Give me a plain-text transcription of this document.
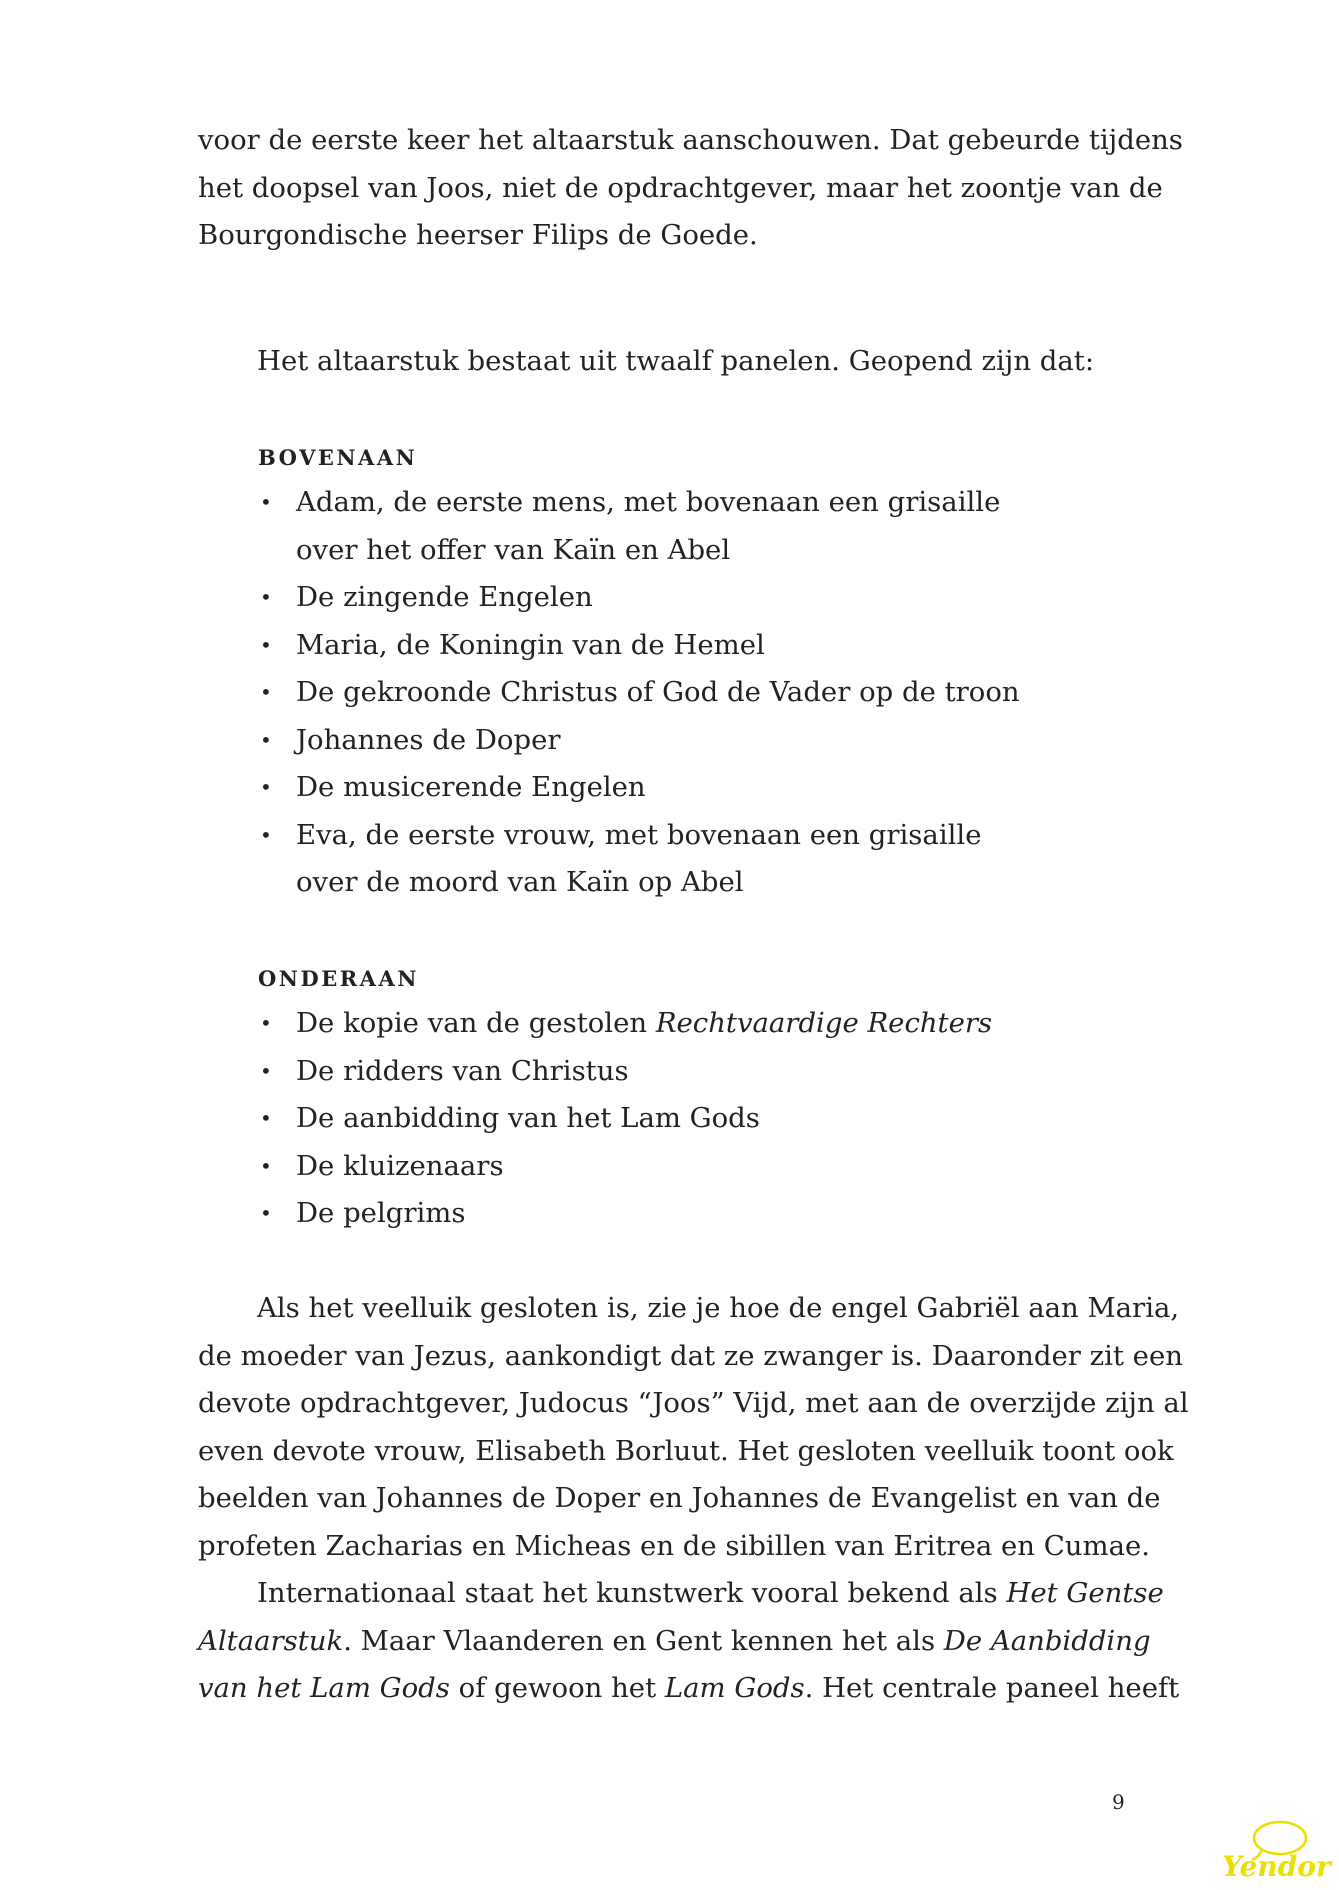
voor de eerste keer het altaarstuk aanschouwen. Dat gebeurde tijdens
het doopsel van Joos, niet de opdrachtgever, maar het zoontje van de
Bourgondische heerser Filips de Goede.

Het altaarstuk bestaat uit twaalf panelen. Geopend zijn dat:

BOVENAAN
• Adam, de eerste mens, met bovenaan een grisaille
over het offer van Kaïn en Abel
• De zingende Engelen
• Maria, de Koningin van de Hemel
• De gekroonde Christus of God de Vader op de troon
• Johannes de Doper
• De musicerende Engelen
• Eva, de eerste vrouw, met bovenaan een grisaille
over de moord van Kaïn op Abel
ONDERAAN
• De kopie van de gestolen Rechtvaardige Rechters
• De ridders van Christus
• De aanbidding van het Lam Gods
• De kluizenaars
• De pelgrims

Als het veelluik gesloten is, zie je hoe de engel Gabriël aan Maria,
de moeder van Jezus, aankondigt dat ze zwanger is. Daaronder zit een
devote opdrachtgever, Judocus “Joos” Vijd, met aan de overzijde zijn al
even devote vrouw, Elisabeth Borluut. Het gesloten veelluik toont ook
beelden van Johannes de Doper en Johannes de Evangelist en van de
profeten Zacharias en Micheas en de sibillen van Eritrea en Cumae.

Internationaal staat het kunstwerk vooral bekend als Het Gentse
Altaarstuk. Maar Vlaanderen en Gent kennen het als De Aanbidding
van het Lam Gods of gewoon het Lam Gods. Het centrale paneel heeft

9
Yendor
